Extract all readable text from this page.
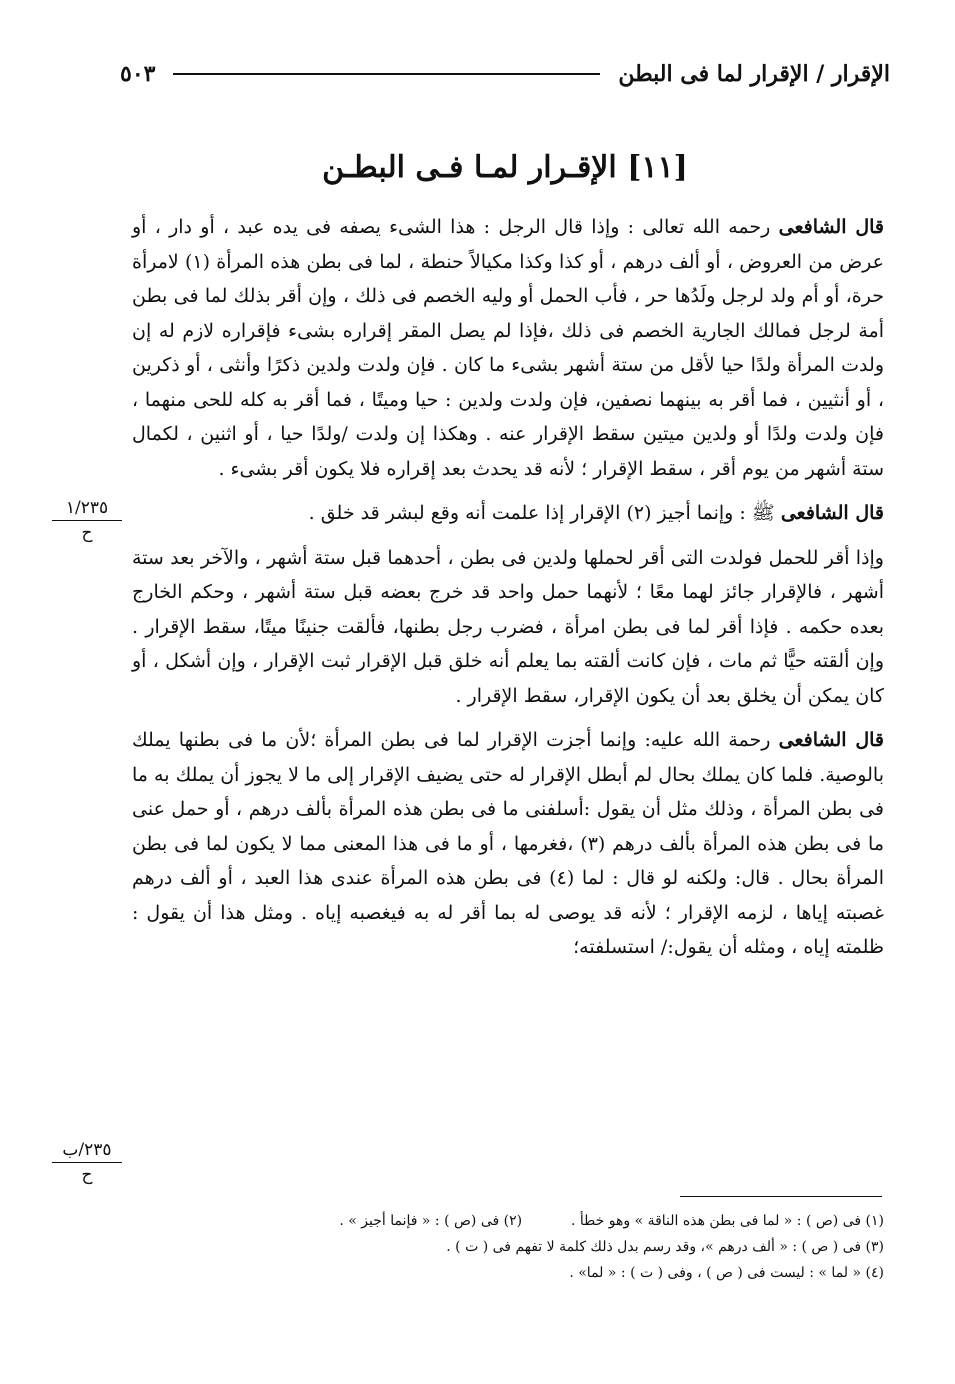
الإقرار / الإقرار لما فى البطن
٥٠٣
[١١] الإقـرار لمـا فـى البطـن

قال الشافعى رحمه الله تعالى : وإذا قال الرجل : هذا الشىء يصفه فى يده عبد ، أو دار ، أو عرض من العروض ، أو ألف درهم ، أو كذا وكذا مكيالاً حنطة ، لما فى بطن هذه المرأة (١) لامرأة حرة، أو أم ولد لرجل ولَدُها حر ، فأب الحمل أو وليه الخصم فى ذلك ، وإن أقر بذلك لما فى بطن أمة لرجل فمالك الجارية الخصم فى ذلك ،فإذا لم يصل المقر إقراره بشىء فإقراره لازم له إن ولدت المرأة ولدًا حيا لأقل من ستة أشهر بشىء ما كان . فإن ولدت ولدين ذكرًا وأنثى ، أو ذكرين ، أو أنثيين ، فما أقر به بينهما نصفين، فإن ولدت ولدين : حيا وميتًا ، فما أقر به كله للحى منهما ، فإن ولدت ولدًا أو ولدين ميتين سقط الإقرار عنه . وهكذا إن ولدت /ولدًا حيا ، أو اثنين ، لكمال ستة أشهر من يوم أقر ، سقط الإقرار ؛ لأنه قد يحدث بعد إقراره فلا يكون أقر بشىء .

قال الشافعى ﷺ : وإنما أجيز (٢) الإقرار إذا علمت أنه وقع لبشر قد خلق .

وإذا أقر للحمل فولدت التى أقر لحملها ولدين فى بطن ، أحدهما قبل ستة أشهر ، والآخر بعد ستة أشهر ، فالإقرار جائز لهما معًا ؛ لأنهما حمل واحد قد خرج بعضه قبل ستة أشهر ، وحكم الخارج بعده حكمه . فإذا أقر لما فى بطن امرأة ، فضرب رجل بطنها، فألقت جنينًا ميتًا، سقط الإقرار . وإن ألقته حيًّا ثم مات ، فإن كانت ألقته بما يعلم أنه خلق قبل الإقرار ثبت الإقرار ، وإن أشكل ، أو كان يمكن أن يخلق بعد أن يكون الإقرار، سقط الإقرار .

قال الشافعى رحمة الله عليه: وإنما أجزت الإقرار لما فى بطن المرأة ؛لأن ما فى بطنها يملك بالوصية. فلما كان يملك بحال لم أبطل الإقرار له حتى يضيف الإقرار إلى ما لا يجوز أن يملك به ما فى بطن المرأة ، وذلك مثل أن يقول :أسلفنى ما فى بطن هذه المرأة بألف درهم ، أو حمل عنى ما فى بطن هذه المرأة بألف درهم (٣) ،فغرمها ، أو ما فى هذا المعنى مما لا يكون لما فى بطن المرأة بحال . قال: ولكنه لو قال : لما (٤) فى بطن هذه المرأة عندى هذا العبد ، أو ألف درهم غصبته إياها ، لزمه الإقرار ؛ لأنه قد يوصى له بما أقر له به فيغصبه إياه . ومثل هذا أن يقول : ظلمته إياه ، ومثله أن يقول:/ استسلفته؛

١/٢٣٥
ح
٢٣٥/ب
ح
(١) فى (ص ) : « لما فى بطن هذه الناقة » وهو خطأ .  (٢) فى (ص ) : « فإنما أجيز » .
(٣) فى ( ص ) : « ألف درهم »، وقد رسم بدل ذلك كلمة لا تفهم فى ( ت ) .
(٤) « لما » : ليست فى ( ص ) ، وفى ( ت ) : « لما» .
